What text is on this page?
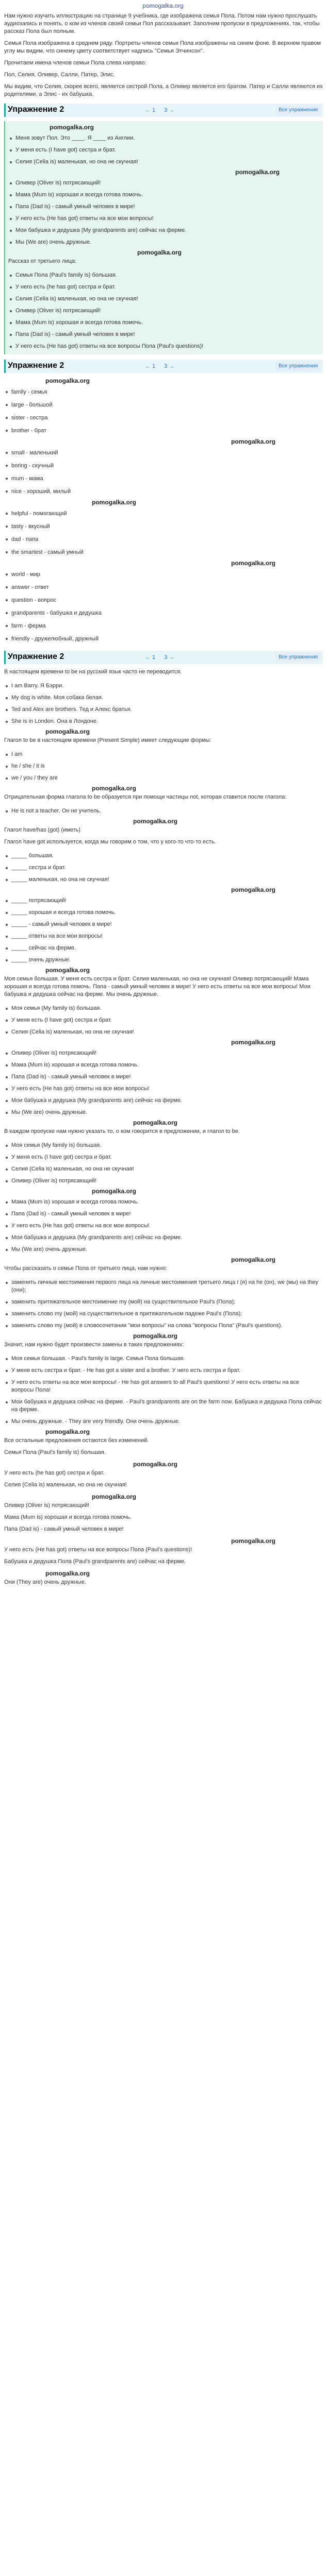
pomogalka.org

Нам нужно изучить иллюстрацию на странице 9 учебника, где изображена семья Пола. Потом нам нужно прослушать аудиозапись и понять, о ком из членов своей семьи Пол рассказывает. Заполним пропуски в предложениях, так, чтобы рассказ Пола был полным.

Семья Пола изображена в среднем ряду. Портреты членов семьи Пола изображены на синем фоне. В верхнем правом углу мы видим, что синему цвету соответствует надпись "Семья Этчинсон".

Прочитаем имена членов семьи Пола слева направо:

Пол, Селия, Оливер, Салли, Патер, Элис.

Мы видим, что Селия, скорее всего, является сестрой Пола, а Оливер является его братом. Патер и Салли являются их родителями, а Элис - их бабушка.

Упражнение 2	← 1 3 →	Все упражнения
pomogalka.org
Меня зовут Пол. Это ____. Я ____ из Англии.
У меня есть (I have got) сестра и брат.
Селия (Celia is) маленькая, но она не скучная!
pomogalka.org
Оливер (Oliver is) потрясающий!
Мама (Mum is) хорошая и всегда готова помочь.
Папа (Dad is) - самый умный человек в мире!
У него есть (He has got) ответы на все мои вопросы!
Мои бабушка и дедушка (My grandparents are) сейчас на ферме.
Мы (We are) очень дружные.
pomogalka.org

Рассказ от третьего лица:

Семья Пола (Paul's family is) большая.
У него есть (he has got) сестра и брат.
Селия (Celia is) маленькая, но она не скучная!
Оливер (Oliver is) потрясающий!
Мама (Mum is) хорошая и всегда готова помочь.
Папа (Dad is) - самый умный человек в мире!
У него есть (He has got) ответы на все вопросы Пола (Paul's questions)!
Упражнение 2	← 1 3 →	Все упражнения
pomogalka.org
family - семья
large - большой
sister - сестра
brother - брат
pomogalka.org
small - маленький
boring - скучный
mum - мама
nice - хороший, милый
pomogalka.org
helpful - помогающий
tasty - вкусный
dad - папа
the smartest - самый умный
pomogalka.org
world - мир
answer - ответ
question - вопрос
grandparents - бабушка и дедушка
farm - ферма
friendly - дружелюбный, дружный
Упражнение 2	← 1 3 →	Все упражнения

В настоящем времени to be на русский язык часто не переводится.

I am Barry. Я Бэрри.
My dog is white. Моя собака белая.
Ted and Alex are brothers. Тед и Алекс братья.
She is in London. Она в Лондоне.
pomogalka.org

Глагол to be в настоящем времени (Present Simple) имеет следующие формы:

I am
he / she / it is
we / you / they are
pomogalka.org

Отрицательная форма глагола to be образуется при помощи частицы not, которая ставится после глагола:

He is not a teacher. Он не учитель.
pomogalka.org

Глагол have/has (got) (иметь)

Глагол have got используется, когда мы говорим о том, что у кого-то что-то есть.

_____ большая.
_____ сестра и брат.
_____ маленькая, но она не скучная!
pomogalka.org
_____ потрясающий!
_____ хорошая и всегда готова помочь.
_____ - самый умный человек в мире!
_____ ответы на все мои вопросы!
_____ сейчас на ферме.
_____ очень дружные.
pomogalka.org

Моя семья большая. У меня есть сестра и брат. Селия маленькая, но она не скучная! Оливер потрясающий! Мама хорошая и всегда готова помочь. Папа - самый умный человек в мире! У него есть ответы на все мои вопросы! Мои бабушка и дедушка сейчас на ферме. Мы очень дружные.

Моя семья (My family is) большая.
У меня есть (I have got) сестра и брат.
Селия (Celia is) маленькая, но она не скучная!
pomogalka.org
Оливер (Oliver is) потрясающий!
Мама (Mum is) хорошая и всегда готова помочь.
Папа (Dad is) - самый умный человек в мире!
У него есть (He has got) ответы на все мои вопросы!
Мои бабушка и дедушка (My grandparents are) сейчас на ферме.
Мы (We are) очень дружные.
pomogalka.org

В каждом пропуске нам нужно указать то, о ком говорится в предложении, и глагол to be.

Моя семья (My family is) большая.
У меня есть (I have got) сестра и брат.
Селия (Celia is) маленькая, но она не скучная!
Оливер (Oliver is) потрясающий!
pomogalka.org
Мама (Mum is) хорошая и всегда готова помочь.
Папа (Dad is) - самый умный человек в мире!
У него есть (He has got) ответы на все мои вопросы!
Мои бабушка и дедушка (My grandparents are) сейчас на ферме.
Мы (We are) очень дружные.
pomogalka.org

Чтобы рассказать о семье Пола от третьего лица, нам нужно:

заменить личные местоимения первого лица на личные местоимения третьего лица I (я) на he (он), we (мы) на they (они);
заменить притяжательное местоимение my (мой) на существительное Paul's (Пола);
заменить слово my (мой) на существительное в притяжательном падеже Paul's (Пола);
заменить слово my (мой) в словосочетании "мои вопросы" на слова "вопросы Пола" (Paul's questions).
pomogalka.org

Значит, нам нужно будет произвести замены в таких предложениях:

Моя семья большая. - Paul's family is large. Семья Пола большая.
У меня есть сестра и брат. - He has got a sister and a brother. У него есть сестра и брат.
У него есть ответы на все мои вопросы! - He has got answers to all Paul's questions! У него есть ответы на все вопросы Пола!
Мои бабушка и дедушка сейчас на ферме. - Paul's grandparents are on the farm now. Бабушка и дедушка Пола сейчас на ферме.
Мы очень дружные. - They are very friendly. Они очень дружные.
pomogalka.org

Все остальные предложения остаются без изменений.

Семья Пола (Paul's family is) большая.

pomogalka.org

У него есть (he has got) сестра и брат.

Селия (Celia is) маленькая, но она не скучная!

pomogalka.org

Оливер (Oliver is) потрясающий!

Мама (Mum is) хорошая и всегда готова помочь.

Папа (Dad is) - самый умный человек в мире!

pomogalka.org

У него есть (He has got) ответы на все вопросы Пола (Paul's questions)!

Бабушка и дедушка Пола (Paul's grandparents are) сейчас на ферме.

pomogalka.org

Они (They are) очень дружные.
